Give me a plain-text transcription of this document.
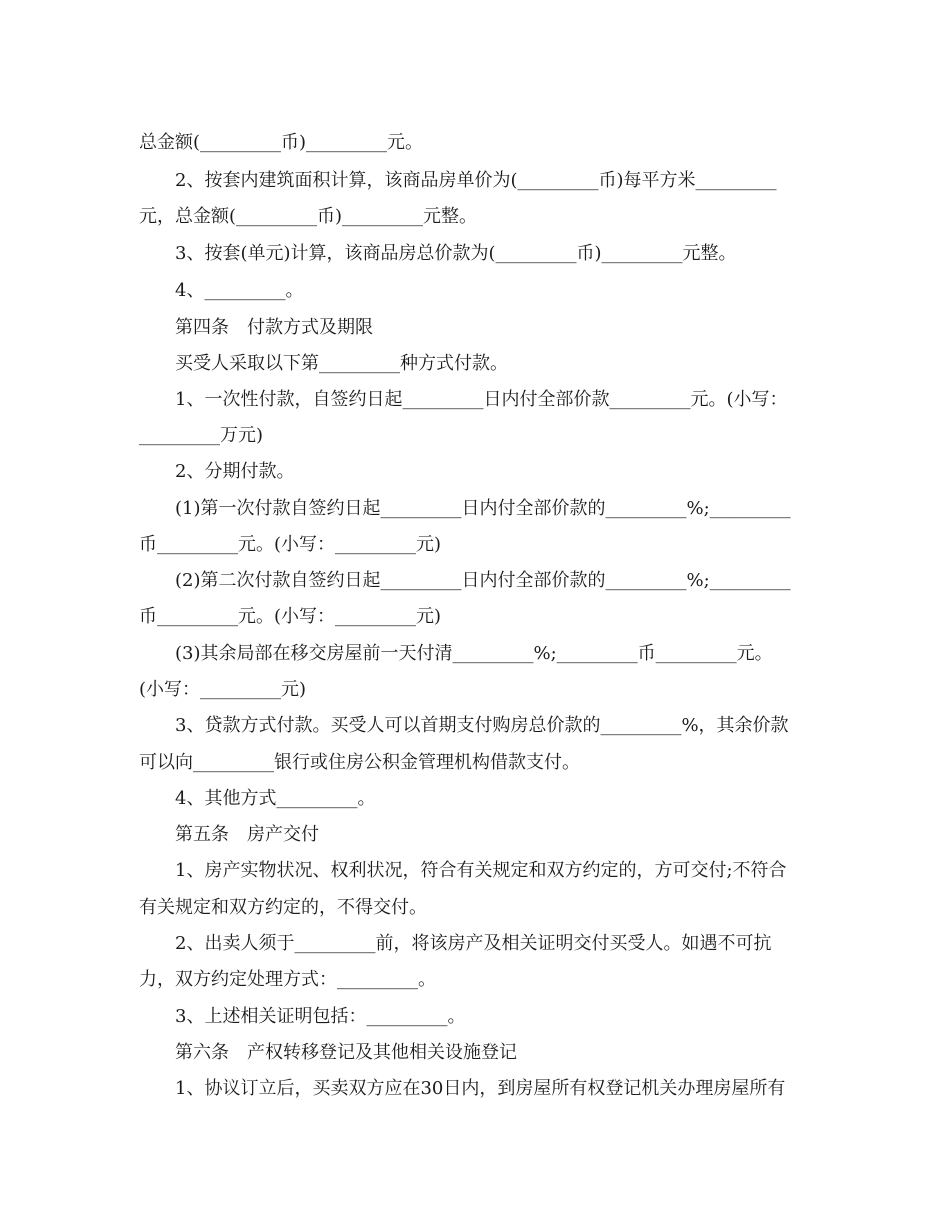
总金额(_________币)_________元。
2、按套内建筑面积计算，该商品房单价为(_________币)每平方米_________
元，总金额(_________币)_________元整。
3、按套(单元)计算，该商品房总价款为(_________币)_________元整。
4、_________。
第四条　付款方式及期限
买受人采取以下第_________种方式付款。
1、一次性付款，自签约日起_________日内付全部价款_________元。(小写：
_________万元)
2、分期付款。
(1)第一次付款自签约日起_________日内付全部价款的_________%;_________
币_________元。(小写：_________元)
(2)第二次付款自签约日起_________日内付全部价款的_________%;_________
币_________元。(小写：_________元)
(3)其余局部在移交房屋前一天付清_________%;_________币_________元。
(小写：_________元)
3、贷款方式付款。买受人可以首期支付购房总价款的_________%，其余价款
可以向_________银行或住房公积金管理机构借款支付。
4、其他方式_________。
第五条　房产交付
1、房产实物状况、权利状况，符合有关规定和双方约定的，方可交付;不符合
有关规定和双方约定的，不得交付。
2、出卖人须于_________前，将该房产及相关证明交付买受人。如遇不可抗
力，双方约定处理方式：_________。
3、上述相关证明包括：_________。
第六条　产权转移登记及其他相关设施登记
1、协议订立后，买卖双方应在30日内，到房屋所有权登记机关办理房屋所有
